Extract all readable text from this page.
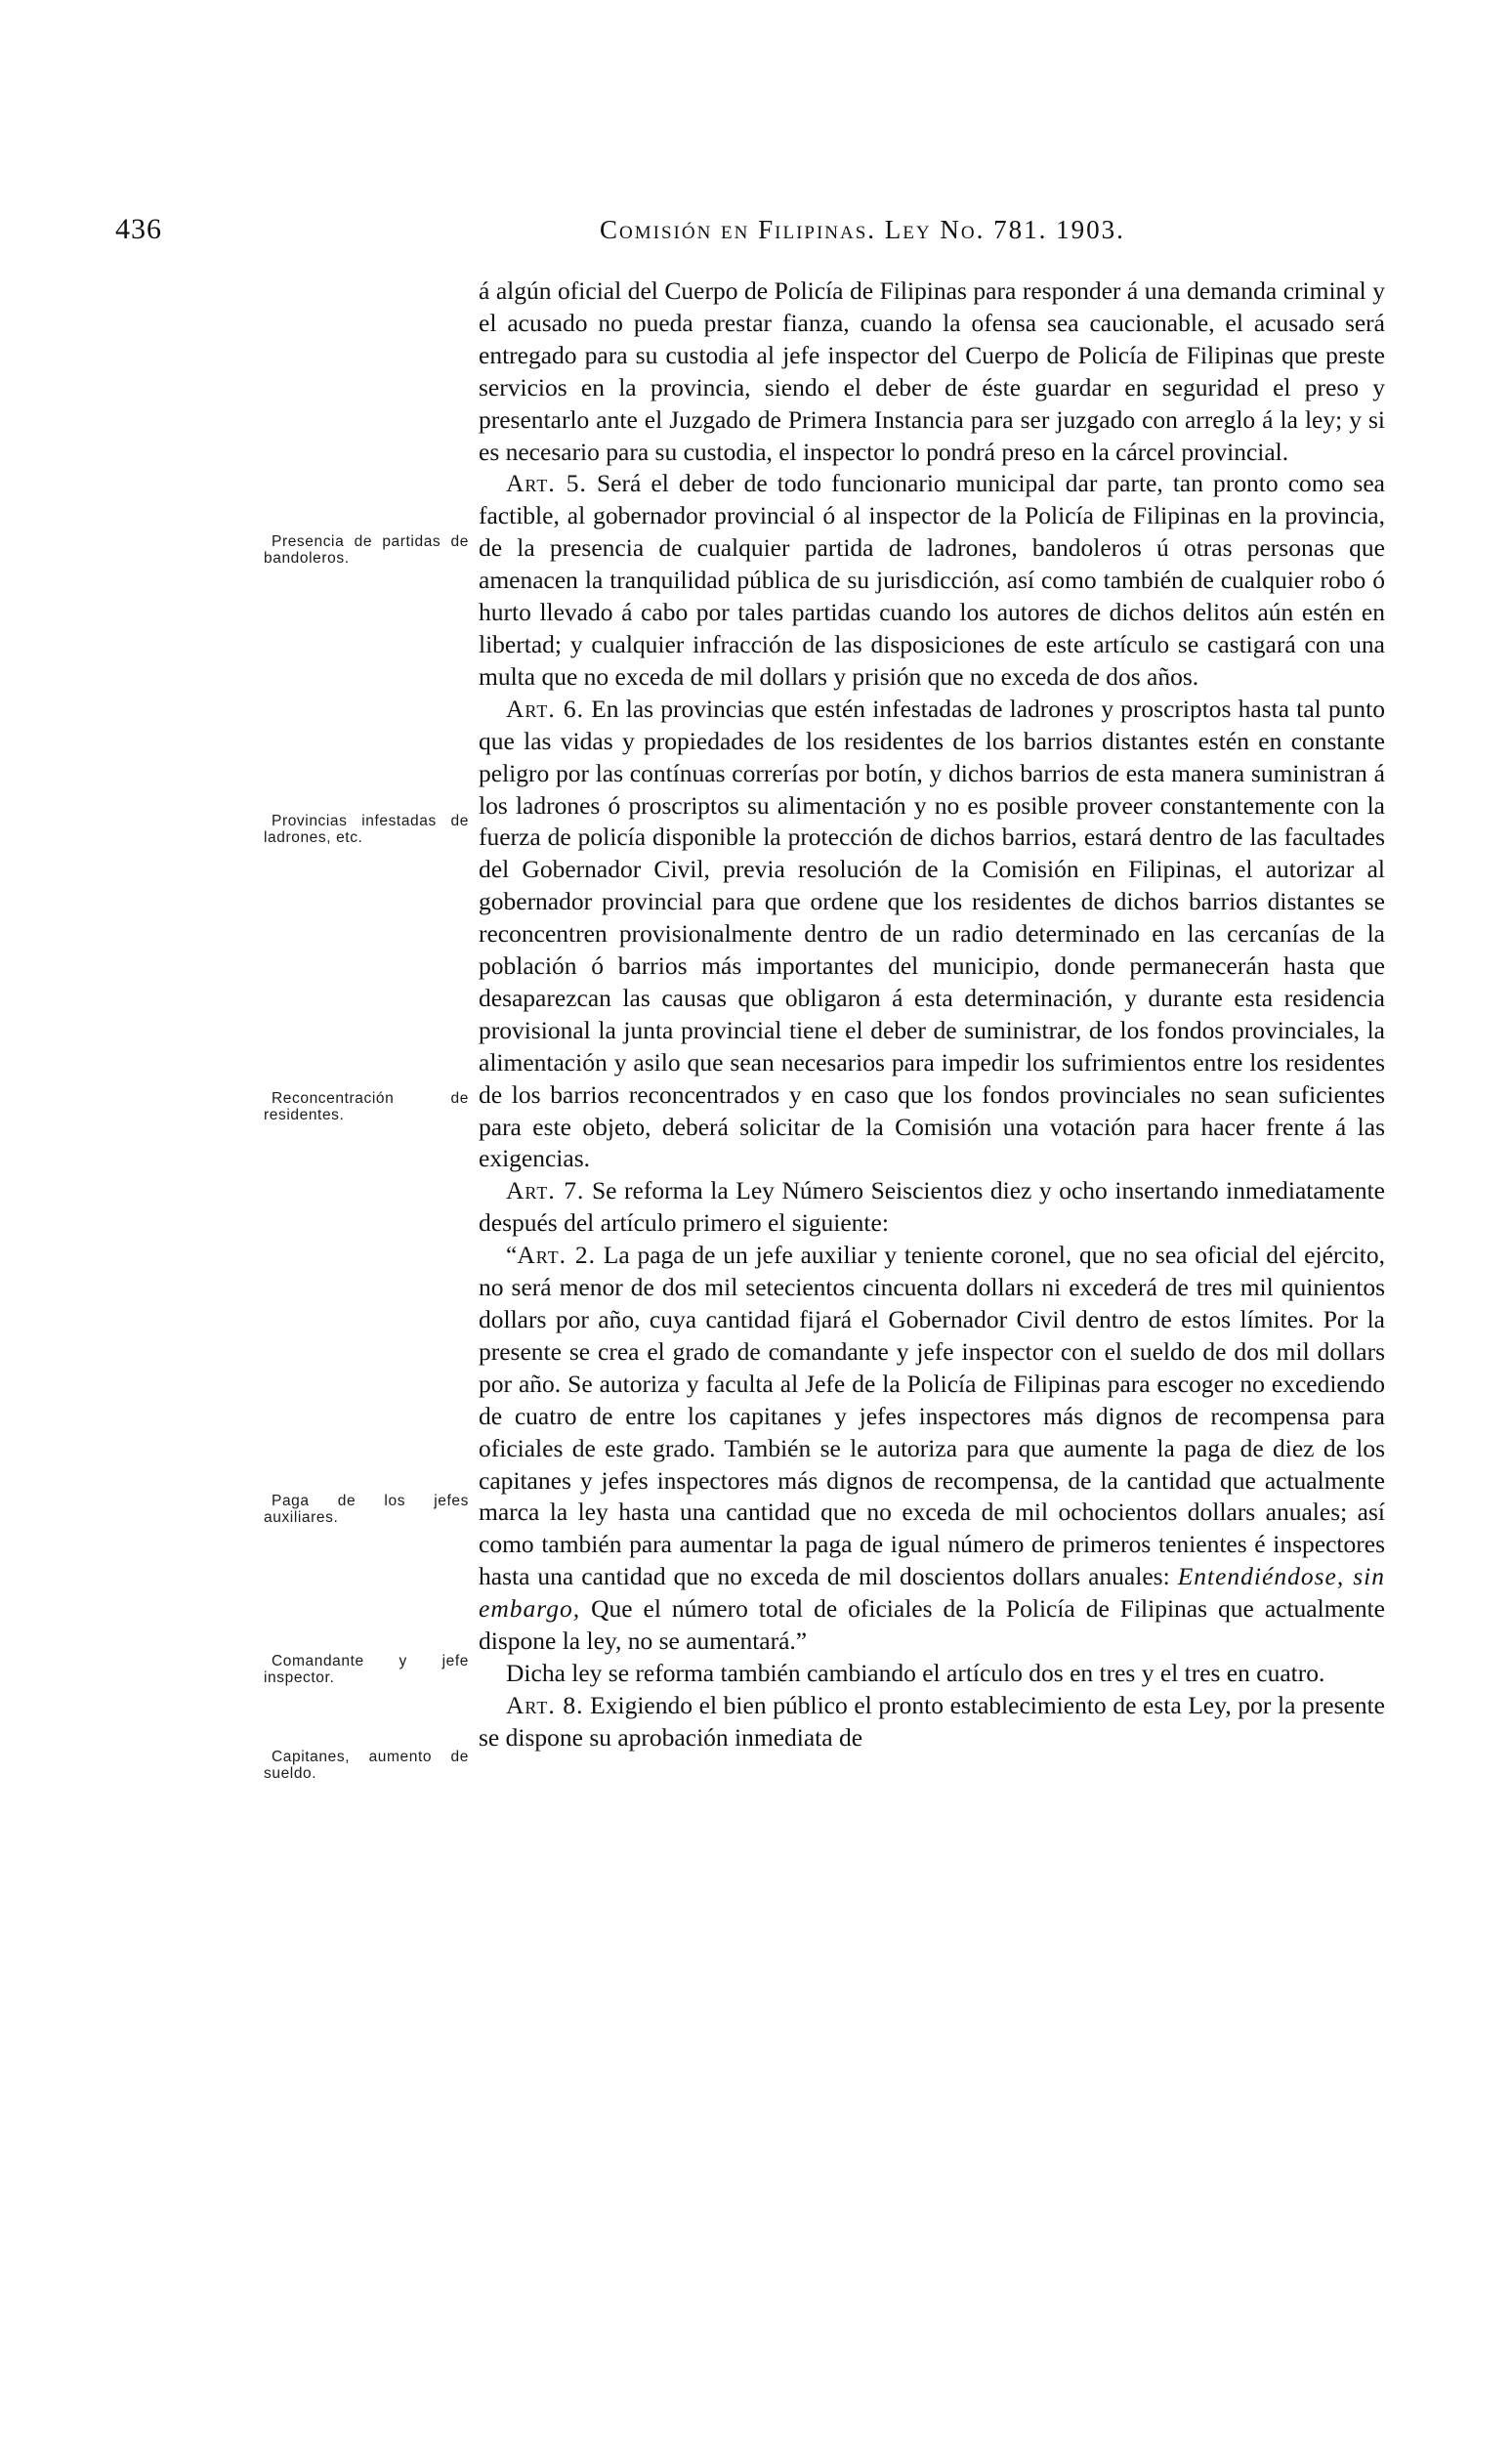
436	Comisión en Filipinas. Ley No. 781. 1903.
Presencia de partidas de bandoleros.
Provincias infestadas de ladrones, etc.
Reconcentración de residentes.
Paga de los jefes auxiliares.
Comandante y jefe inspector.
Capitanes, aumento de sueldo.

á algún oficial del Cuerpo de Policía de Filipinas para responder á una demanda criminal y el acusado no pueda prestar fianza, cuando la ofensa sea caucionable, el acusado será entregado para su custodia al jefe inspector del Cuerpo de Policía de Filipinas que preste servicios en la provincia, siendo el deber de éste guardar en seguridad el preso y presentarlo ante el Juzgado de Primera Instancia para ser juzgado con arreglo á la ley; y si es necesario para su custodia, el inspector lo pondrá preso en la cárcel provincial.

Art. 5. Será el deber de todo funcionario municipal dar parte, tan pronto como sea factible, al gobernador provincial ó al inspector de la Policía de Filipinas en la provincia, de la presencia de cualquier partida de ladrones, bandoleros ú otras personas que amenacen la tranquilidad pública de su jurisdicción, así como también de cualquier robo ó hurto llevado á cabo por tales partidas cuando los autores de dichos delitos aún estén en libertad; y cualquier infracción de las disposiciones de este artículo se castigará con una multa que no exceda de mil dollars y prisión que no exceda de dos años.

Art. 6. En las provincias que estén infestadas de ladrones y proscriptos hasta tal punto que las vidas y propiedades de los residentes de los barrios distantes estén en constante peligro por las contínuas correrías por botín, y dichos barrios de esta manera suministran á los ladrones ó proscriptos su alimentación y no es posible proveer constantemente con la fuerza de policía disponible la protección de dichos barrios, estará dentro de las facultades del Gobernador Civil, previa resolución de la Comisión en Filipinas, el autorizar al gobernador provincial para que ordene que los residentes de dichos barrios distantes se reconcentren provisionalmente dentro de un radio determinado en las cercanías de la población ó barrios más importantes del municipio, donde permanecerán hasta que desaparezcan las causas que obligaron á esta determinación, y durante esta residencia provisional la junta provincial tiene el deber de suministrar, de los fondos provinciales, la alimentación y asilo que sean necesarios para impedir los sufrimientos entre los residentes de los barrios reconcentrados y en caso que los fondos provinciales no sean suficientes para este objeto, deberá solicitar de la Comisión una votación para hacer frente á las exigencias.

Art. 7. Se reforma la Ley Número Seiscientos diez y ocho insertando inmediatamente después del artículo primero el siguiente:

“Art. 2. La paga de un jefe auxiliar y teniente coronel, que no sea oficial del ejército, no será menor de dos mil setecientos cincuenta dollars ni excederá de tres mil quinientos dollars por año, cuya cantidad fijará el Gobernador Civil dentro de estos límites. Por la presente se crea el grado de comandante y jefe inspector con el sueldo de dos mil dollars por año. Se autoriza y faculta al Jefe de la Policía de Filipinas para escoger no excediendo de cuatro de entre los capitanes y jefes inspectores más dignos de recompensa para oficiales de este grado. También se le autoriza para que aumente la paga de diez de los capitanes y jefes inspectores más dignos de recompensa, de la cantidad que actualmente marca la ley hasta una cantidad que no exceda de mil ochocientos dollars anuales; así como también para aumentar la paga de igual número de primeros tenientes é inspectores hasta una cantidad que no exceda de mil doscientos dollars anuales: Entendiéndose, sin embargo, Que el número total de oficiales de la Policía de Filipinas que actualmente dispone la ley, no se aumentará.”

Dicha ley se reforma también cambiando el artículo dos en tres y el tres en cuatro.

Art. 8. Exigiendo el bien público el pronto establecimiento de esta Ley, por la presente se dispone su aprobación inmediata de
